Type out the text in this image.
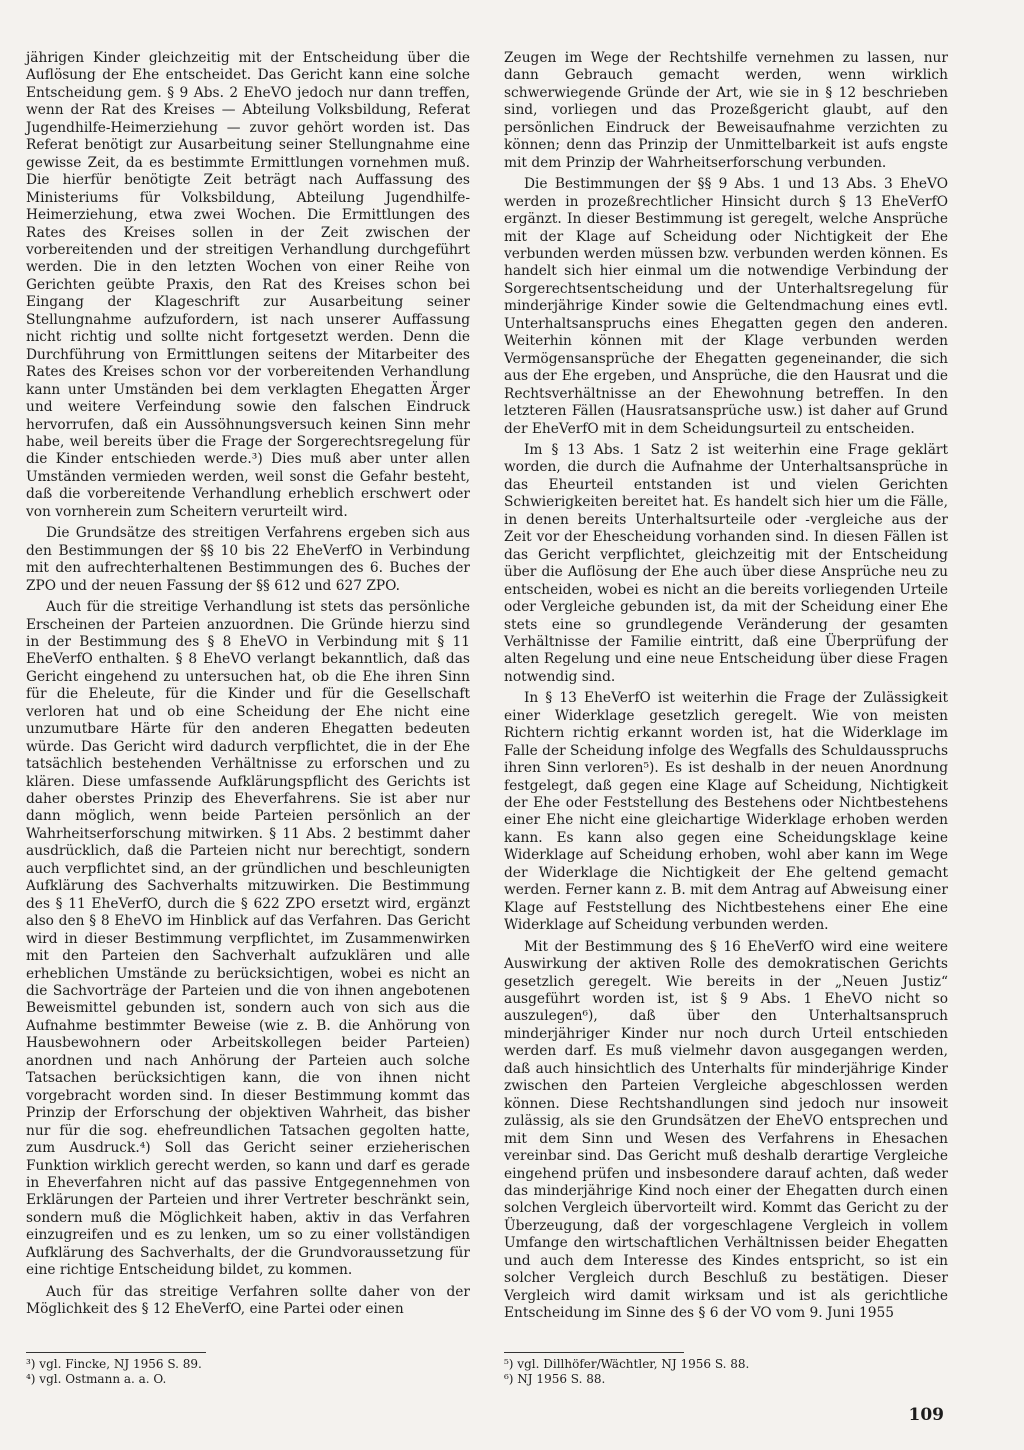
jährigen Kinder gleichzeitig mit der Entscheidung über die Auflösung der Ehe entscheidet. Das Gericht kann eine solche Entscheidung gem. § 9 Abs. 2 EheVO jedoch nur dann treffen, wenn der Rat des Kreises — Abteilung Volksbildung, Referat Jugendhilfe-Heimerziehung — zuvor gehört worden ist. Das Referat benötigt zur Ausarbeitung seiner Stellungnahme eine gewisse Zeit, da es bestimmte Ermittlungen vornehmen muß. Die hierfür benötigte Zeit beträgt nach Auffassung des Ministeriums für Volksbildung, Abteilung Jugendhilfe-Heimerziehung, etwa zwei Wochen. Die Ermittlungen des Rates des Kreises sollen in der Zeit zwischen der vorbereitenden und der streitigen Verhandlung durchgeführt werden. Die in den letzten Wochen von einer Reihe von Gerichten geübte Praxis, den Rat des Kreises schon bei Eingang der Klageschrift zur Ausarbeitung seiner Stellungnahme aufzufordern, ist nach unserer Auffassung nicht richtig und sollte nicht fortgesetzt werden. Denn die Durchführung von Ermittlungen seitens der Mitarbeiter des Rates des Kreises schon vor der vorbereitenden Verhandlung kann unter Umständen bei dem verklagten Ehegatten Ärger und weitere Verfeindung sowie den falschen Eindruck hervorrufen, daß ein Aussöhnungsversuch keinen Sinn mehr habe, weil bereits über die Frage der Sorgerechtsregelung für die Kinder entschieden werde.³) Dies muß aber unter allen Umständen vermieden werden, weil sonst die Gefahr besteht, daß die vorbereitende Verhandlung erheblich erschwert oder von vornherein zum Scheitern verurteilt wird.

Die Grundsätze des streitigen Verfahrens ergeben sich aus den Bestimmungen der §§ 10 bis 22 EheVerfO in Verbindung mit den aufrechterhaltenen Bestimmungen des 6. Buches der ZPO und der neuen Fassung der §§ 612 und 627 ZPO.

Auch für die streitige Verhandlung ist stets das persönliche Erscheinen der Parteien anzuordnen. Die Gründe hierzu sind in der Bestimmung des § 8 EheVO in Verbindung mit § 11 EheVerfO enthalten. § 8 EheVO verlangt bekanntlich, daß das Gericht eingehend zu untersuchen hat, ob die Ehe ihren Sinn für die Eheleute, für die Kinder und für die Gesellschaft verloren hat und ob eine Scheidung der Ehe nicht eine unzumutbare Härte für den anderen Ehegatten bedeuten würde. Das Gericht wird dadurch verpflichtet, die in der Ehe tatsächlich bestehenden Verhältnisse zu erforschen und zu klären. Diese umfassende Aufklärungspflicht des Gerichts ist daher oberstes Prinzip des Eheverfahrens. Sie ist aber nur dann möglich, wenn beide Parteien persönlich an der Wahrheitserforschung mitwirken. § 11 Abs. 2 bestimmt daher ausdrücklich, daß die Parteien nicht nur berechtigt, sondern auch verpflichtet sind, an der gründlichen und beschleunigten Aufklärung des Sachverhalts mitzuwirken. Die Bestimmung des § 11 EheVerfO, durch die § 622 ZPO ersetzt wird, ergänzt also den § 8 EheVO im Hinblick auf das Verfahren. Das Gericht wird in dieser Bestimmung verpflichtet, im Zusammenwirken mit den Parteien den Sachverhalt aufzuklären und alle erheblichen Umstände zu berücksichtigen, wobei es nicht an die Sachvorträge der Parteien und die von ihnen angebotenen Beweismittel gebunden ist, sondern auch von sich aus die Aufnahme bestimmter Beweise (wie z. B. die Anhörung von Hausbewohnern oder Arbeitskollegen beider Parteien) anordnen und nach Anhörung der Parteien auch solche Tatsachen berücksichtigen kann, die von ihnen nicht vorgebracht worden sind. In dieser Bestimmung kommt das Prinzip der Erforschung der objektiven Wahrheit, das bisher nur für die sog. ehefreundlichen Tatsachen gegolten hatte, zum Ausdruck.⁴) Soll das Gericht seiner erzieherischen Funktion wirklich gerecht werden, so kann und darf es gerade in Eheverfahren nicht auf das passive Entgegennehmen von Erklärungen der Parteien und ihrer Vertreter beschränkt sein, sondern muß die Möglichkeit haben, aktiv in das Verfahren einzugreifen und es zu lenken, um so zu einer vollständigen Aufklärung des Sachverhalts, der die Grundvoraussetzung für eine richtige Entscheidung bildet, zu kommen.

Auch für das streitige Verfahren sollte daher von der Möglichkeit des § 12 EheVerfO, eine Partei oder einen

Zeugen im Wege der Rechtshilfe vernehmen zu lassen, nur dann Gebrauch gemacht werden, wenn wirklich schwerwiegende Gründe der Art, wie sie in § 12 beschrieben sind, vorliegen und das Prozeßgericht glaubt, auf den persönlichen Eindruck der Beweisaufnahme verzichten zu können; denn das Prinzip der Unmittelbarkeit ist aufs engste mit dem Prinzip der Wahrheitserforschung verbunden.

Die Bestimmungen der §§ 9 Abs. 1 und 13 Abs. 3 EheVO werden in prozeßrechtlicher Hinsicht durch § 13 EheVerfO ergänzt. In dieser Bestimmung ist geregelt, welche Ansprüche mit der Klage auf Scheidung oder Nichtigkeit der Ehe verbunden werden müssen bzw. verbunden werden können. Es handelt sich hier einmal um die notwendige Verbindung der Sorgerechtsentscheidung und der Unterhaltsregelung für minderjährige Kinder sowie die Geltendmachung eines evtl. Unterhaltsanspruchs eines Ehegatten gegen den anderen. Weiterhin können mit der Klage verbunden werden Vermögensansprüche der Ehegatten gegeneinander, die sich aus der Ehe ergeben, und Ansprüche, die den Hausrat und die Rechtsverhältnisse an der Ehewohnung betreffen. In den letzteren Fällen (Hausratsansprüche usw.) ist daher auf Grund der EheVerfO mit in dem Scheidungsurteil zu entscheiden.

Im § 13 Abs. 1 Satz 2 ist weiterhin eine Frage geklärt worden, die durch die Aufnahme der Unterhaltsansprüche in das Eheurteil entstanden ist und vielen Gerichten Schwierigkeiten bereitet hat. Es handelt sich hier um die Fälle, in denen bereits Unterhaltsurteile oder -vergleiche aus der Zeit vor der Ehescheidung vorhanden sind. In diesen Fällen ist das Gericht verpflichtet, gleichzeitig mit der Entscheidung über die Auflösung der Ehe auch über diese Ansprüche neu zu entscheiden, wobei es nicht an die bereits vorliegenden Urteile oder Vergleiche gebunden ist, da mit der Scheidung einer Ehe stets eine so grundlegende Veränderung der gesamten Verhältnisse der Familie eintritt, daß eine Überprüfung der alten Regelung und eine neue Entscheidung über diese Fragen notwendig sind.

In § 13 EheVerfO ist weiterhin die Frage der Zulässigkeit einer Widerklage gesetzlich geregelt. Wie von meisten Richtern richtig erkannt worden ist, hat die Widerklage im Falle der Scheidung infolge des Wegfalls des Schuldausspruchs ihren Sinn verloren⁵). Es ist deshalb in der neuen Anordnung festgelegt, daß gegen eine Klage auf Scheidung, Nichtigkeit der Ehe oder Feststellung des Bestehens oder Nichtbestehens einer Ehe nicht eine gleichartige Widerklage erhoben werden kann. Es kann also gegen eine Scheidungsklage keine Widerklage auf Scheidung erhoben, wohl aber kann im Wege der Widerklage die Nichtigkeit der Ehe geltend gemacht werden. Ferner kann z. B. mit dem Antrag auf Abweisung einer Klage auf Feststellung des Nichtbestehens einer Ehe eine Widerklage auf Scheidung verbunden werden.

Mit der Bestimmung des § 16 EheVerfO wird eine weitere Auswirkung der aktiven Rolle des demokratischen Gerichts gesetzlich geregelt. Wie bereits in der „Neuen Justiz“ ausgeführt worden ist, ist § 9 Abs. 1 EheVO nicht so auszulegen⁶), daß über den Unterhaltsanspruch minderjähriger Kinder nur noch durch Urteil entschieden werden darf. Es muß vielmehr davon ausgegangen werden, daß auch hinsichtlich des Unterhalts für minderjährige Kinder zwischen den Parteien Vergleiche abgeschlossen werden können. Diese Rechtshandlungen sind jedoch nur insoweit zulässig, als sie den Grundsätzen der EheVO entsprechen und mit dem Sinn und Wesen des Verfahrens in Ehesachen vereinbar sind. Das Gericht muß deshalb derartige Vergleiche eingehend prüfen und insbesondere darauf achten, daß weder das minderjährige Kind noch einer der Ehegatten durch einen solchen Vergleich übervorteilt wird. Kommt das Gericht zu der Überzeugung, daß der vorgeschlagene Vergleich in vollem Umfange den wirtschaftlichen Verhältnissen beider Ehegatten und auch dem Interesse des Kindes entspricht, so ist ein solcher Vergleich durch Beschluß zu bestätigen. Dieser Vergleich wird damit wirksam und ist als gerichtliche Entscheidung im Sinne des § 6 der VO vom 9. Juni 1955

³) vgl. Fincke, NJ 1956 S. 89.

⁴) vgl. Ostmann a. a. O.

⁵) vgl. Dillhöfer/Wächtler, NJ 1956 S. 88.

⁶) NJ 1956 S. 88.

109
